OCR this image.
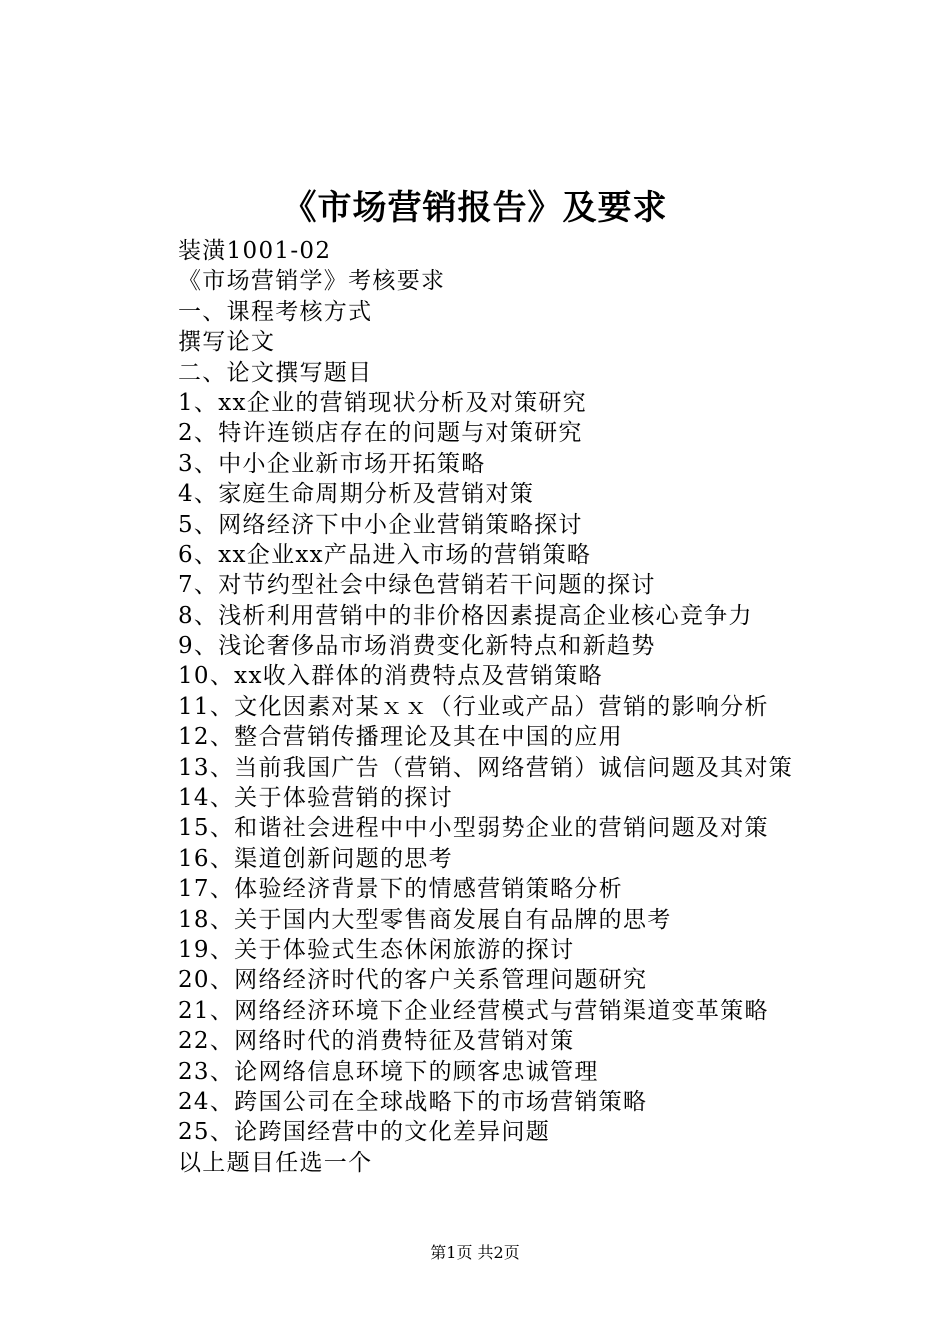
《市场营销报告》及要求
装潢1001-02
《市场营销学》考核要求
一、课程考核方式
撰写论文
二、论文撰写题目
1、xx企业的营销现状分析及对策研究
2、特许连锁店存在的问题与对策研究
3、中小企业新市场开拓策略
4、家庭生命周期分析及营销对策
5、网络经济下中小企业营销策略探讨
6、xx企业xx产品进入市场的营销策略
7、对节约型社会中绿色营销若干问题的探讨
8、浅析利用营销中的非价格因素提高企业核心竞争力
9、浅论奢侈品市场消费变化新特点和新趋势
10、xx收入群体的消费特点及营销策略
11、文化因素对某ｘｘ（行业或产品）营销的影响分析
12、整合营销传播理论及其在中国的应用
13、当前我国广告（营销、网络营销）诚信问题及其对策
14、关于体验营销的探讨
15、和谐社会进程中中小型弱势企业的营销问题及对策
16、渠道创新问题的思考
17、体验经济背景下的情感营销策略分析
18、关于国内大型零售商发展自有品牌的思考
19、关于体验式生态休闲旅游的探讨
20、网络经济时代的客户关系管理问题研究
21、网络经济环境下企业经营模式与营销渠道变革策略
22、网络时代的消费特征及营销对策
23、论网络信息环境下的顾客忠诚管理
24、跨国公司在全球战略下的市场营销策略
25、论跨国经营中的文化差异问题
以上题目任选一个
第1页 共2页
